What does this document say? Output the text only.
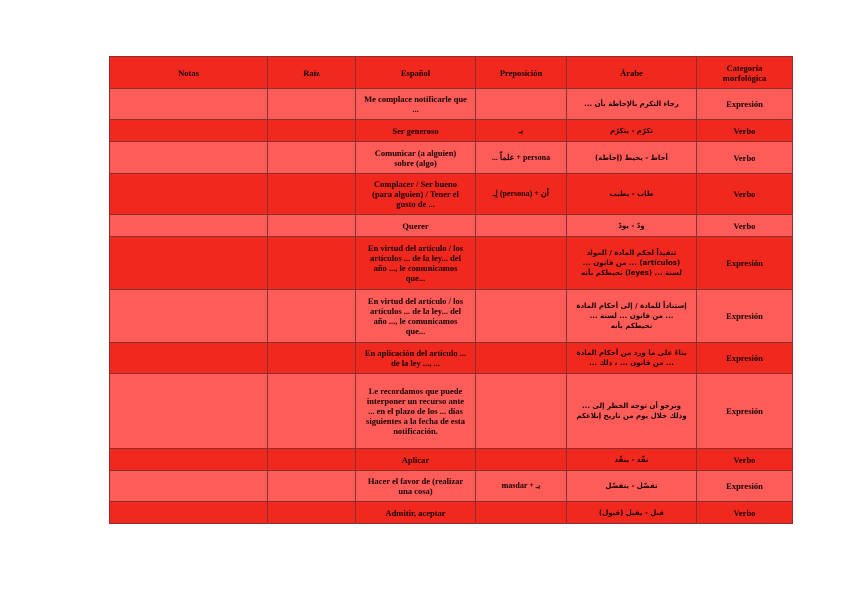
Notas	Raíz	Español	Preposición	Árabe	Categoría morfológica
		Me complace notificarle que ...		رجاء التكرم بالإحاطة بأن ...	Expresión
		Ser generoso	بـ	تكرّم - يتكرّم	Verbo
		Comunicar (a alguien) sobre (algo)	... علماً + persona	أحاط - يحيط (إحاطة)	Verbo
		Complacer / Ser bueno (para alguien) / Tener el gusto de ...	لِـ (persona) + أن	طاب - يطيب	Verbo
		Querer		ودّ - يودّ	Verbo
		En virtud del artículo / los artículos ... de la ley... del año ..., le comunicamos que...		تنفيذاً لحكم المادة / المواد (artículos) ... من قانون ... لسنة ... (leyes) نحيطكم بأنه	Expresión
		En virtud del artículo / los artículos ... de la ley... del año ..., le comunicamos que...		إستناداً للمادة / إلى أحكام المادة ... من قانون ... لسنة ... نحيطكم بأنه	Expresión
		En aplicación del artículo ... de la ley ..., ...		بناءً على ما ورد من أحكام المادة ... من قانون ... ، ذلك ...	Expresión
		Le recordamos que puede interponer un recurso ante ... en el plazo de los ... días siguientes a la fecha de esta notificación.		ونرجو أن توجه الخطر إلى ... وذلك خلال يوم من تاريخ إبلاغكم	Expresión
		Aplicar		نفّذ - ينفّذ	Verbo
		Hacer el favor de (realizar una cosa)	masdar + بـ	تفضّل - يتفضّل	Expresión
		Admitir, aceptar		قبل - يقبل (قبول)	Verbo
